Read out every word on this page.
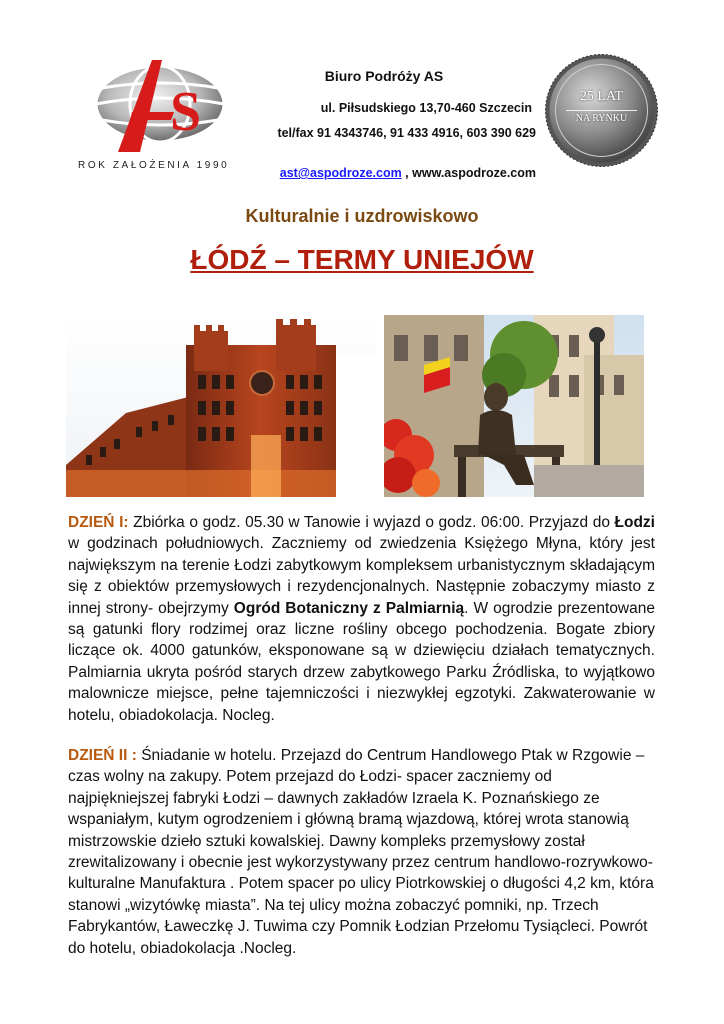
S
ROK ZAŁOŻENIA 1990
Biuro Podróży AS
ul. Piłsudskiego 13,70-460 Szczecin
tel/fax 91 4343746, 91 433 4916, 603 390 629
ast@aspodroze.com , www.aspodroze.com
25 LAT
NA RYNKU
Kulturalnie i uzdrowiskowo
ŁÓDŹ – TERMY UNIEJÓW
DZIEŃ I: Zbiórka o godz. 05.30 w Tanowie i wyjazd o godz. 06:00. Przyjazd do Łodzi w godzinach południowych. Zaczniemy od zwiedzenia Księżego Młyna, który jest największym na terenie Łodzi zabytkowym kompleksem urbanistycznym składającym się z obiektów przemysłowych i rezydencjonalnych. Następnie zobaczymy miasto z innej strony- obejrzymy Ogród Botaniczny z Palmiarnią. W ogrodzie prezentowane są gatunki flory rodzimej oraz liczne rośliny obcego pochodzenia. Bogate zbiory liczące ok. 4000 gatunków, eksponowane są w dziewięciu działach tematycznych. Palmiarnia ukryta pośród starych drzew zabytkowego Parku Źródliska, to wyjątkowo malownicze miejsce, pełne tajemniczości i niezwykłej egzotyki. Zakwaterowanie w hotelu, obiadokolacja. Nocleg.
DZIEŃ II : Śniadanie w hotelu. Przejazd do Centrum Handlowego Ptak w Rzgowie – czas wolny na zakupy. Potem przejazd do Łodzi- spacer zaczniemy od najpiękniejszej fabryki Łodzi – dawnych zakładów Izraela K. Poznańskiego ze wspaniałym, kutym ogrodzeniem i główną bramą wjazdową, której wrota stanowią mistrzowskie dzieło sztuki kowalskiej. Dawny kompleks przemysłowy został zrewitalizowany i obecnie jest wykorzystywany przez centrum handlowo-rozrywkowo-kulturalne Manufaktura . Potem spacer po ulicy Piotrkowskiej o długości 4,2 km, która stanowi „wizytówkę miasta”. Na tej ulicy można zobaczyć pomniki, np. Trzech Fabrykantów, Ławeczkę J. Tuwima czy Pomnik Łodzian Przełomu Tysiącleci. Powrót do hotelu, obiadokolacja .Nocleg.
